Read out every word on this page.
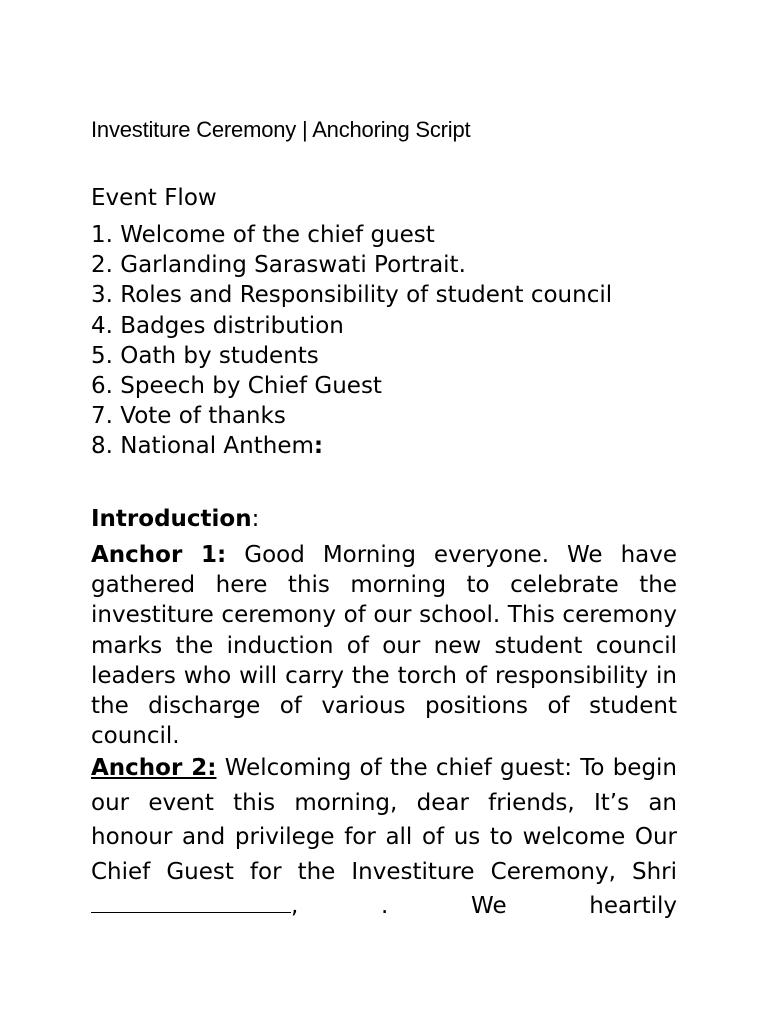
Investiture Ceremony | Anchoring Script
Event Flow
1. Welcome of the chief guest
2. Garlanding Saraswati Portrait.
3. Roles and Responsibility of student council
4. Badges distribution
5. Oath by students
6. Speech by Chief Guest
7. Vote of thanks
8. National Anthem:
Introduction:

Anchor 1: Good Morning everyone. We have gathered here this morning to celebrate the investiture ceremony of our school. This ceremony marks the induction of our new student council leaders who will carry the torch of responsibility in the discharge of various positions of student council.

Anchor 2: Welcoming of the chief guest: To begin our event this morning, dear friends, It’s an honour and privilege for all of us to welcome Our Chief Guest for the Investiture Ceremony, Shri, . We heartily
